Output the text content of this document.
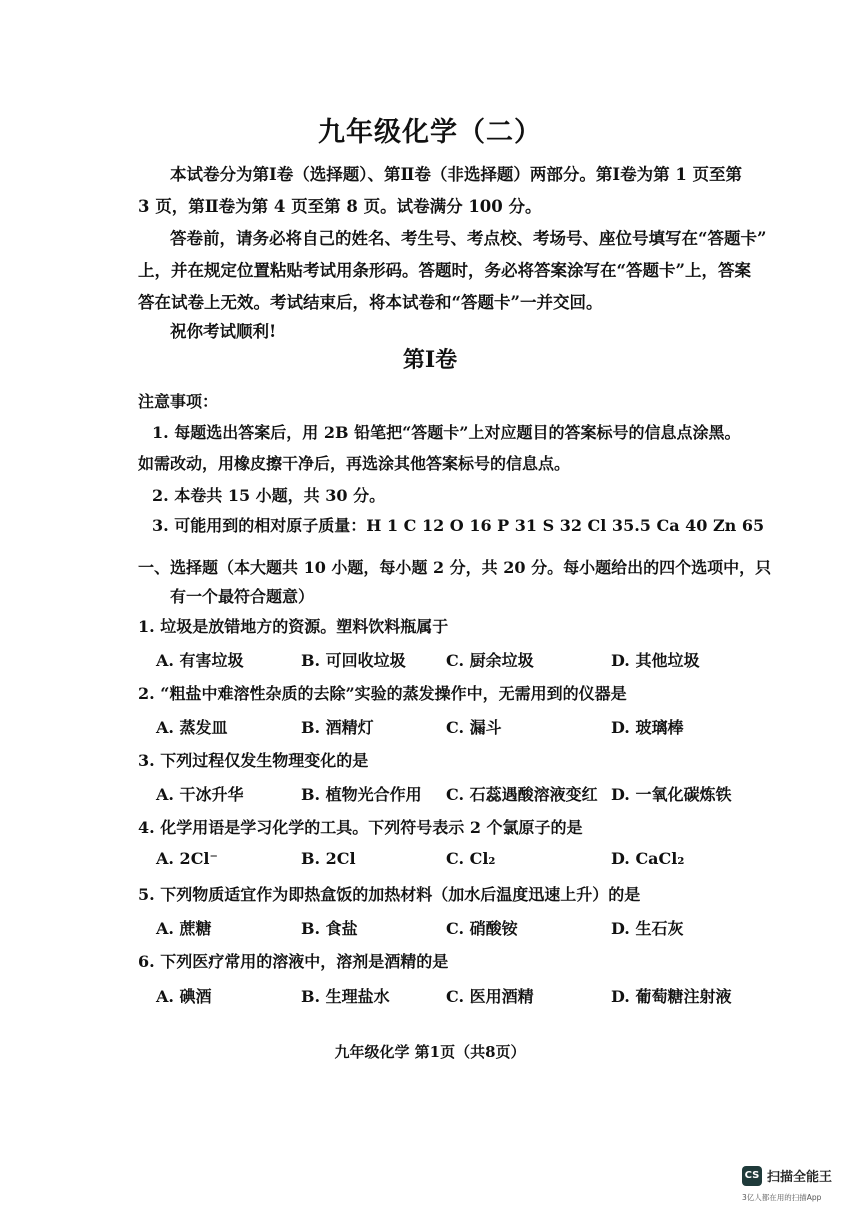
九年级化学（二）
本试卷分为第Ⅰ卷（选择题）、第Ⅱ卷（非选择题）两部分。第Ⅰ卷为第 1 页至第
3 页，第Ⅱ卷为第 4 页至第 8 页。试卷满分 100 分。
答卷前，请务必将自己的姓名、考生号、考点校、考场号、座位号填写在“答题卡”
上，并在规定位置粘贴考试用条形码。答题时，务必将答案涂写在“答题卡”上，答案
答在试卷上无效。考试结束后，将本试卷和“答题卡”一并交回。
祝你考试顺利!
第I卷
注意事项：
1. 每题选出答案后，用 2B 铅笔把“答题卡”上对应题目的答案标号的信息点涂黑。
如需改动，用橡皮擦干净后，再选涂其他答案标号的信息点。
2. 本卷共 15 小题，共 30 分。
3. 可能用到的相对原子质量：H 1 C 12 O 16 P 31 S 32 Cl 35.5 Ca 40 Zn 65
一、选择题（本大题共 10 小题，每小题 2 分，共 20 分。每小题给出的四个选项中，只
有一个最符合题意）
1. 垃圾是放错地方的资源。塑料饮料瓶属于
A. 有害垃圾	B. 可回收垃圾	C. 厨余垃圾	D. 其他垃圾
2. “粗盐中难溶性杂质的去除”实验的蒸发操作中，无需用到的仪器是
A. 蒸发皿	B. 酒精灯	C. 漏斗	D. 玻璃棒
3. 下列过程仅发生物理变化的是
A. 干冰升华	B. 植物光合作用 C. 石蕊遇酸溶液变红 D. 一氧化碳炼铁
4. 化学用语是学习化学的工具。下列符号表示 2 个氯原子的是
A. 2Cl⁻	B. 2Cl	C. Cl₂	D. CaCl₂
5. 下列物质适宜作为即热盒饭的加热材料（加水后温度迅速上升）的是
A. 蔗糖	B. 食盐	C. 硝酸铵	D. 生石灰
6. 下列医疗常用的溶液中，溶剂是酒精的是
A. 碘酒	B. 生理盐水	C. 医用酒精	D. 葡萄糖注射液
九年级化学 第1页（共8页）
CS 扫描全能王
3亿人都在用的扫描App
